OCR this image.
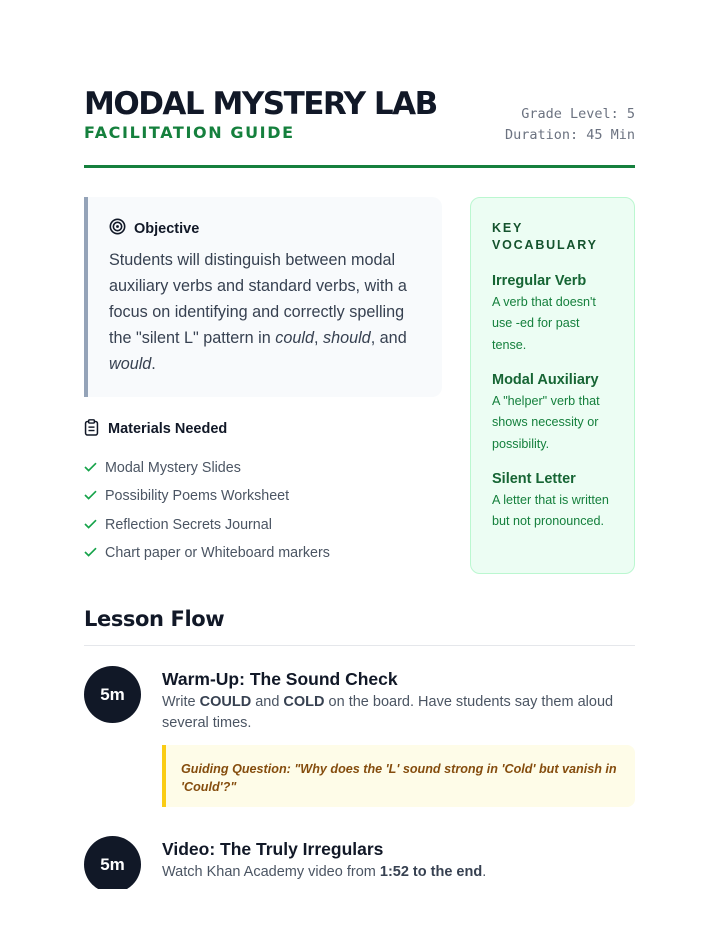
MODAL MYSTERY LAB
FACILITATION GUIDE
Grade Level: 5
Duration: 45 Min
Objective
Students will distinguish between modal auxiliary verbs and standard verbs, with a focus on identifying and correctly spelling the "silent L" pattern in could, should, and would.
Materials Needed
Modal Mystery Slides
Possibility Poems Worksheet
Reflection Secrets Journal
Chart paper or Whiteboard markers
KEY VOCABULARY
Irregular Verb
A verb that doesn't use -ed for past tense.
Modal Auxiliary
A "helper" verb that shows necessity or possibility.
Silent Letter
A letter that is written but not pronounced.
Lesson Flow
5m
Warm-Up: The Sound Check
Write COULD and COLD on the board. Have students say them aloud several times.
Guiding Question: "Why does the 'L' sound strong in 'Cold' but vanish in 'Could'?"
5m
Video: The Truly Irregulars
Watch Khan Academy video from 1:52 to the end.
